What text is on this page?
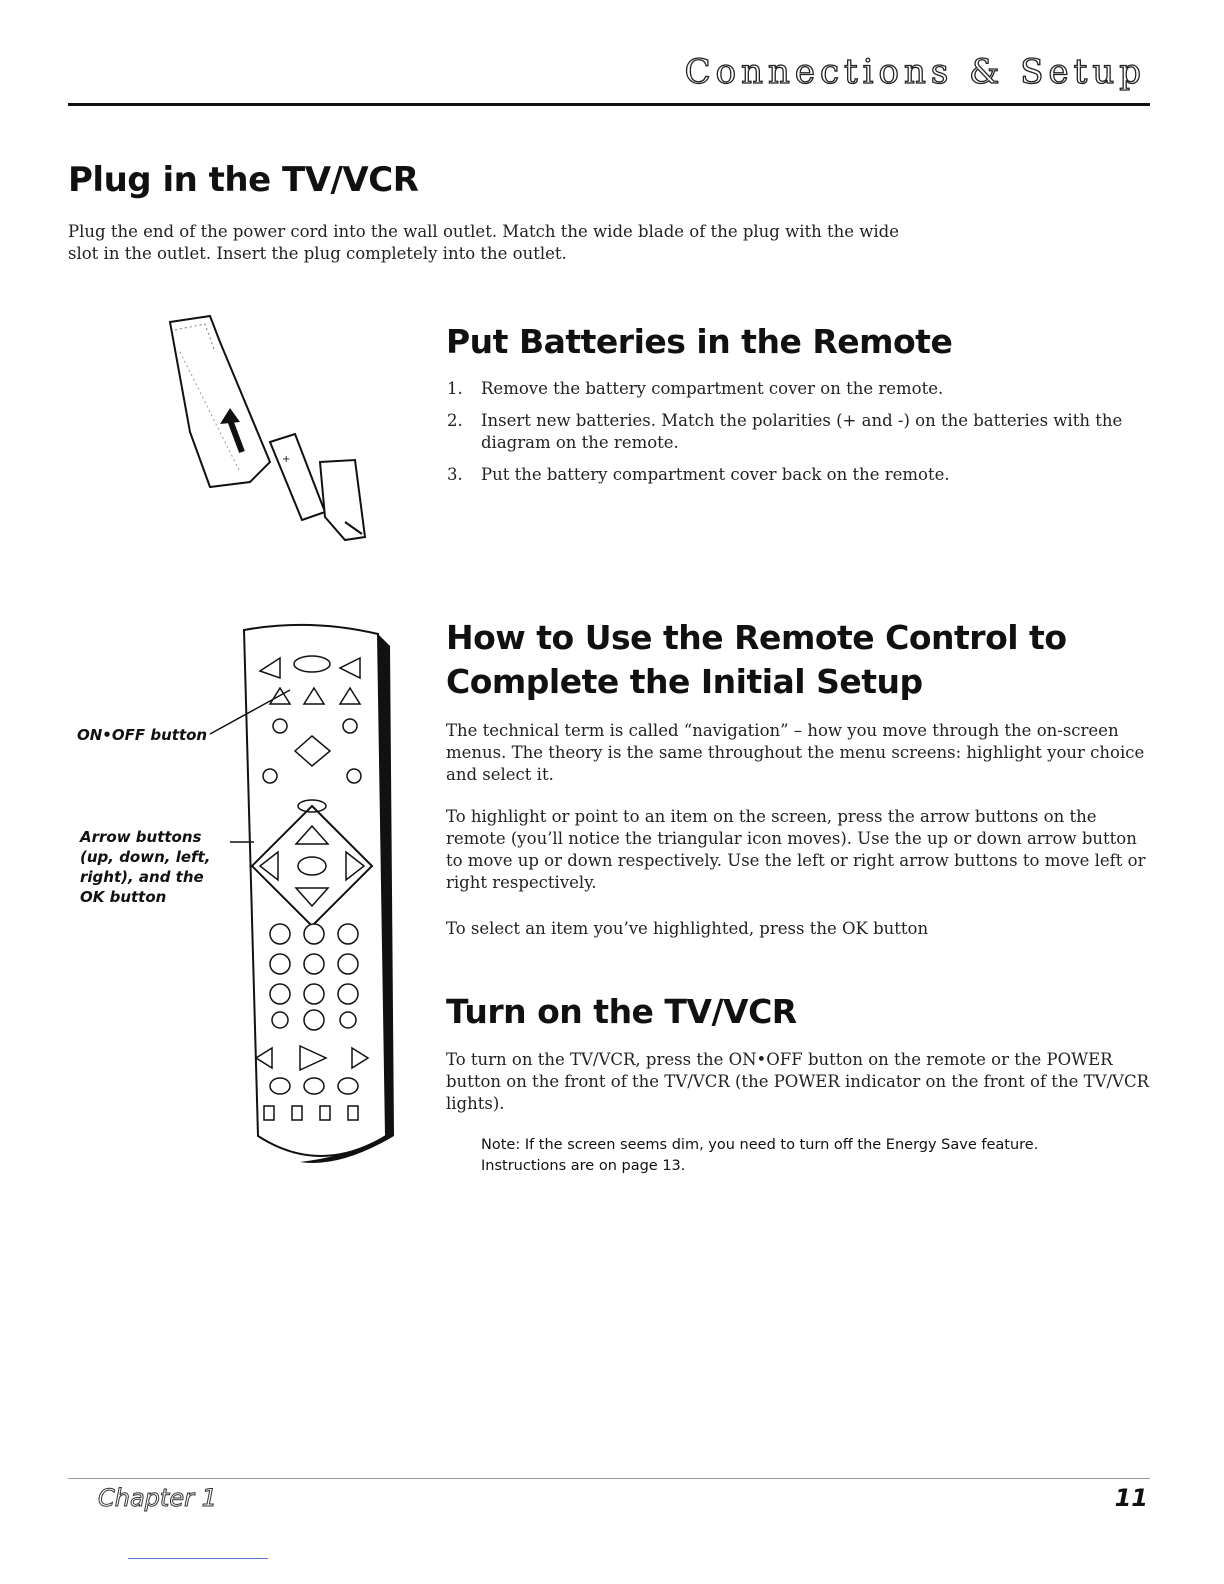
Connections & Setup
Plug in the TV/VCR

Plug the end of the power cord into the wall outlet. Match the wide blade of the plug with the wide slot in the outlet. Insert the plug completely into the outlet.

+
Put Batteries in the Remote
1. Remove the battery compartment cover on the remote.
2. Insert new batteries. Match the polarities (+ and -) on the batteries with the diagram on the remote.
3. Put the battery compartment cover back on the remote.
ON•OFF button
Arrow buttons (up, down, left, right), and the OK button
How to Use the Remote Control to Complete the Initial Setup

The technical term is called “navigation” – how you move through the on-screen menus. The theory is the same throughout the menu screens: highlight your choice and select it.

To highlight or point to an item on the screen, press the arrow buttons on the remote (you’ll notice the triangular icon moves). Use the up or down arrow button to move up or down respectively. Use the left or right arrow buttons to move left or right respectively.

To select an item you’ve highlighted, press the OK button

Turn on the TV/VCR

To turn on the TV/VCR, press the ON•OFF button on the remote or the POWER button on the front of the TV/VCR (the POWER indicator on the front of the TV/VCR lights).

Note: If the screen seems dim, you need to turn off the Energy Save feature. Instructions are on page 13.
Chapter 1	11
